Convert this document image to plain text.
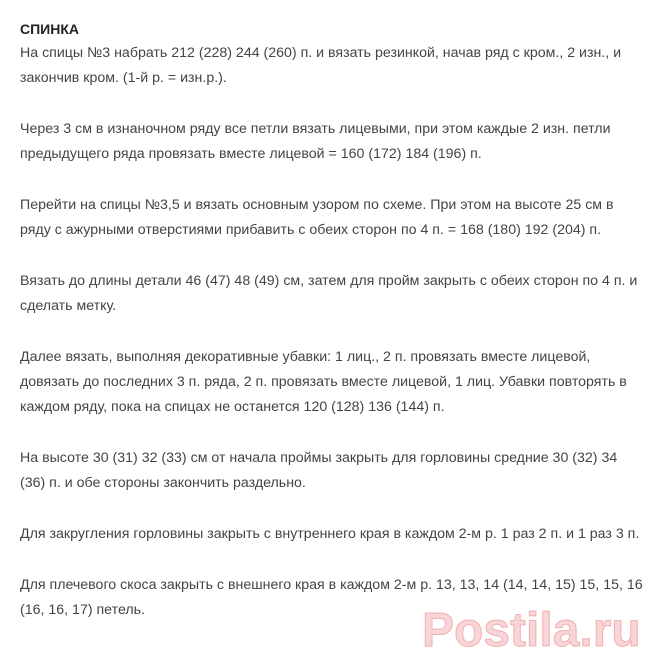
СПИНКА

На спицы №3 набрать 212 (228) 244 (260) п. и вязать резинкой, начав ряд с кром., 2 изн., и закончив кром. (1-й р. = изн.р.).

Через 3 см в изнаночном ряду все петли вязать лицевыми, при этом каждые 2 изн. петли предыдущего ряда провязать вместе лицевой = 160 (172) 184 (196) п.

Перейти на спицы №3,5 и вязать основным узором по схеме. При этом на высоте 25 см в ряду с ажурными отверстиями прибавить с обеих сторон по 4 п. = 168 (180) 192 (204) п.

Вязать до длины детали 46 (47) 48 (49) см, затем для пройм закрыть с обеих сторон по 4 п. и сделать метку.

Далее вязать, выполняя декоративные убавки: 1 лиц., 2 п. провязать вместе лицевой, довязать до последних 3 п. ряда, 2 п. провязать вместе лицевой, 1 лиц. Убавки повторять в каждом ряду, пока на спицах не останется 120 (128) 136 (144) п.

На высоте 30 (31) 32 (33) см от начала проймы закрыть для горловины средние 30 (32) 34 (36) п. и обе стороны закончить раздельно.

Для закругления горловины закрыть с внутреннего края в каждом 2-м р. 1 раз 2 п. и 1 раз 3 п.

Для плечевого скоса закрыть с внешнего края в каждом 2-м р. 13, 13, 14 (14, 14, 15) 15, 15, 16 (16, 16, 17) петель.	Postila.ru
